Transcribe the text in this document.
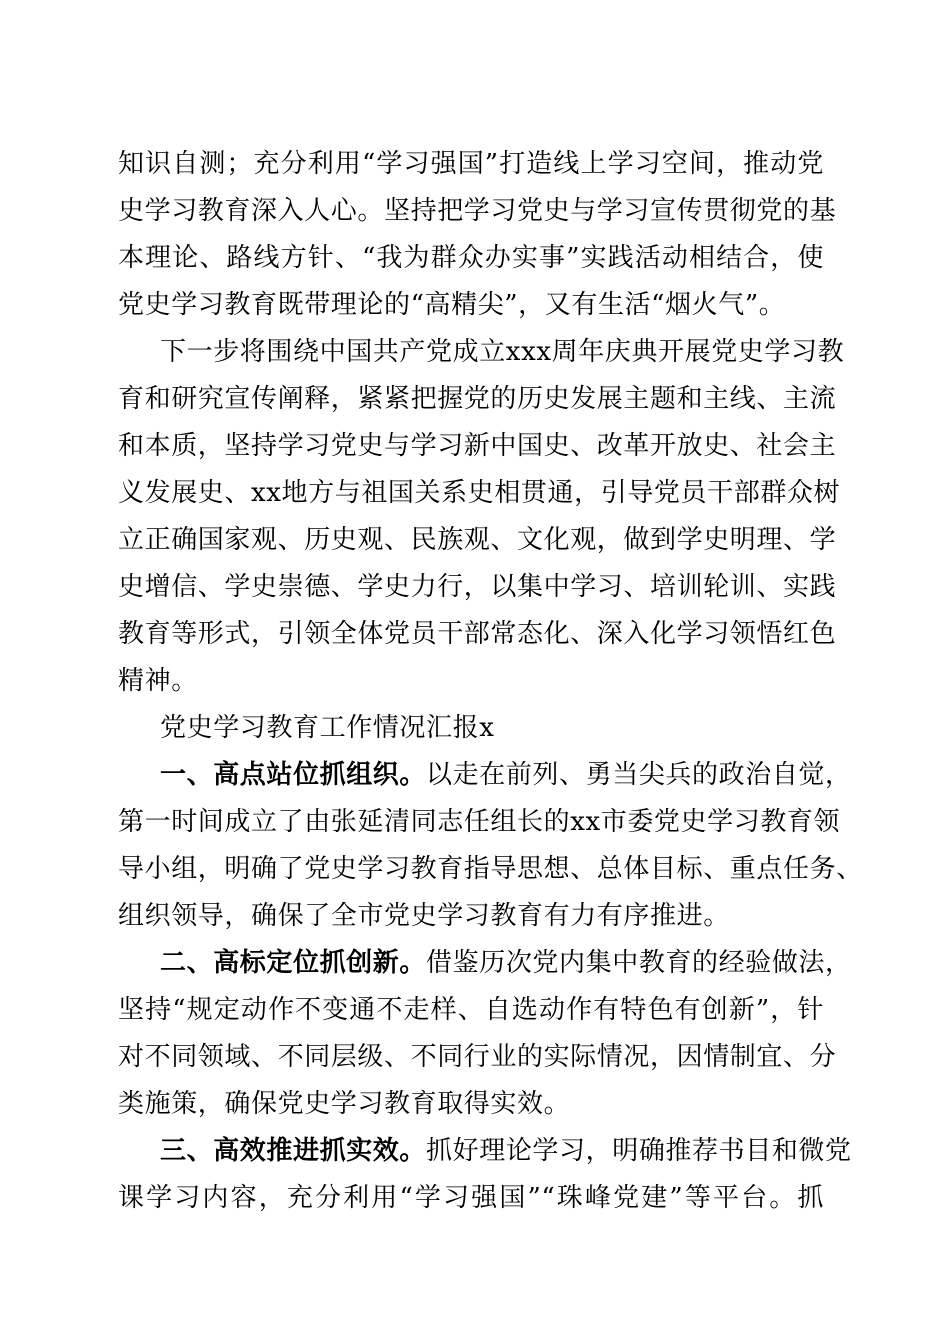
知识自测；充分利用“学习强国”打造线上学习空间，推动党
史学习教育深入人心。坚持把学习党史与学习宣传贯彻党的基
本理论、路线方针、“我为群众办实事”实践活动相结合，使
党史学习教育既带理论的“高精尖”，又有生活“烟火气”。
下一步将围绕中国共产党成立xxx周年庆典开展党史学习教
育和研究宣传阐释，紧紧把握党的历史发展主题和主线、主流
和本质，坚持学习党史与学习新中国史、改革开放史、社会主
义发展史、xx地方与祖国关系史相贯通，引导党员干部群众树
立正确国家观、历史观、民族观、文化观，做到学史明理、学
史增信、学史崇德、学史力行，以集中学习、培训轮训、实践
教育等形式，引领全体党员干部常态化、深入化学习领悟红色
精神。
党史学习教育工作情况汇报x
一、高点站位抓组织。以走在前列、勇当尖兵的政治自觉，
第一时间成立了由张延清同志任组长的xx市委党史学习教育领
导小组，明确了党史学习教育指导思想、总体目标、重点任务、
组织领导，确保了全市党史学习教育有力有序推进。
二、高标定位抓创新。借鉴历次党内集中教育的经验做法，
坚持“规定动作不变通不走样、自选动作有特色有创新”，针
对不同领域、不同层级、不同行业的实际情况，因情制宜、分
类施策，确保党史学习教育取得实效。
三、高效推进抓实效。抓好理论学习，明确推荐书目和微党
课学习内容，充分利用“学习强国”“珠峰党建”等平台。抓
